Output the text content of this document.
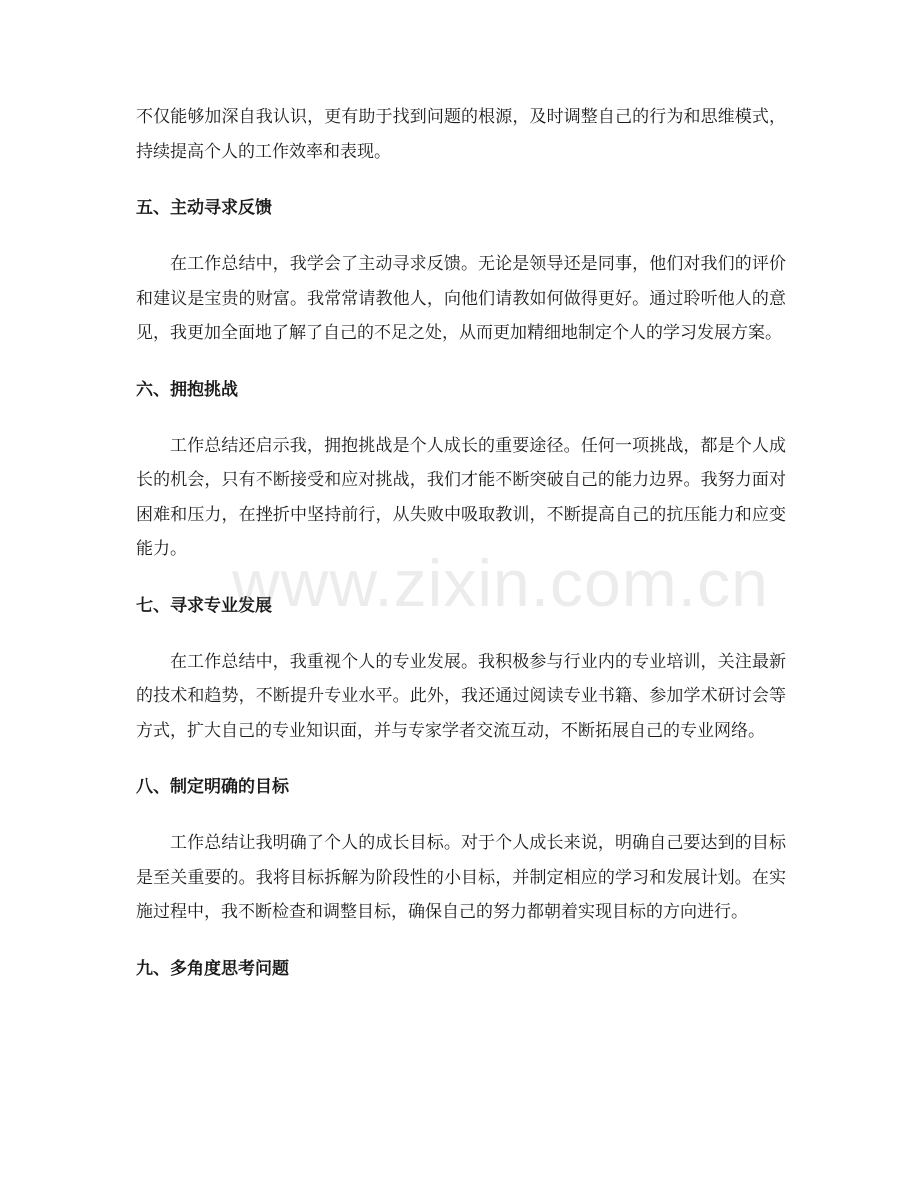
不仅能够加深自我认识，更有助于找到问题的根源，及时调整自己的行为和思维模式，持续提高个人的工作效率和表现。

五、主动寻求反馈

在工作总结中，我学会了主动寻求反馈。无论是领导还是同事，他们对我们的评价和建议是宝贵的财富。我常常请教他人，向他们请教如何做得更好。通过聆听他人的意见，我更加全面地了解了自己的不足之处，从而更加精细地制定个人的学习发展方案。

六、拥抱挑战

工作总结还启示我，拥抱挑战是个人成长的重要途径。任何一项挑战，都是个人成长的机会，只有不断接受和应对挑战，我们才能不断突破自己的能力边界。我努力面对困难和压力，在挫折中坚持前行，从失败中吸取教训，不断提高自己的抗压能力和应变能力。

七、寻求专业发展

在工作总结中，我重视个人的专业发展。我积极参与行业内的专业培训，关注最新的技术和趋势，不断提升专业水平。此外，我还通过阅读专业书籍、参加学术研讨会等方式，扩大自己的专业知识面，并与专家学者交流互动，不断拓展自己的专业网络。

八、制定明确的目标

工作总结让我明确了个人的成长目标。对于个人成长来说，明确自己要达到的目标是至关重要的。我将目标拆解为阶段性的小目标，并制定相应的学习和发展计划。在实施过程中，我不断检查和调整目标，确保自己的努力都朝着实现目标的方向进行。

九、多角度思考问题
www.zixin.com.cn
